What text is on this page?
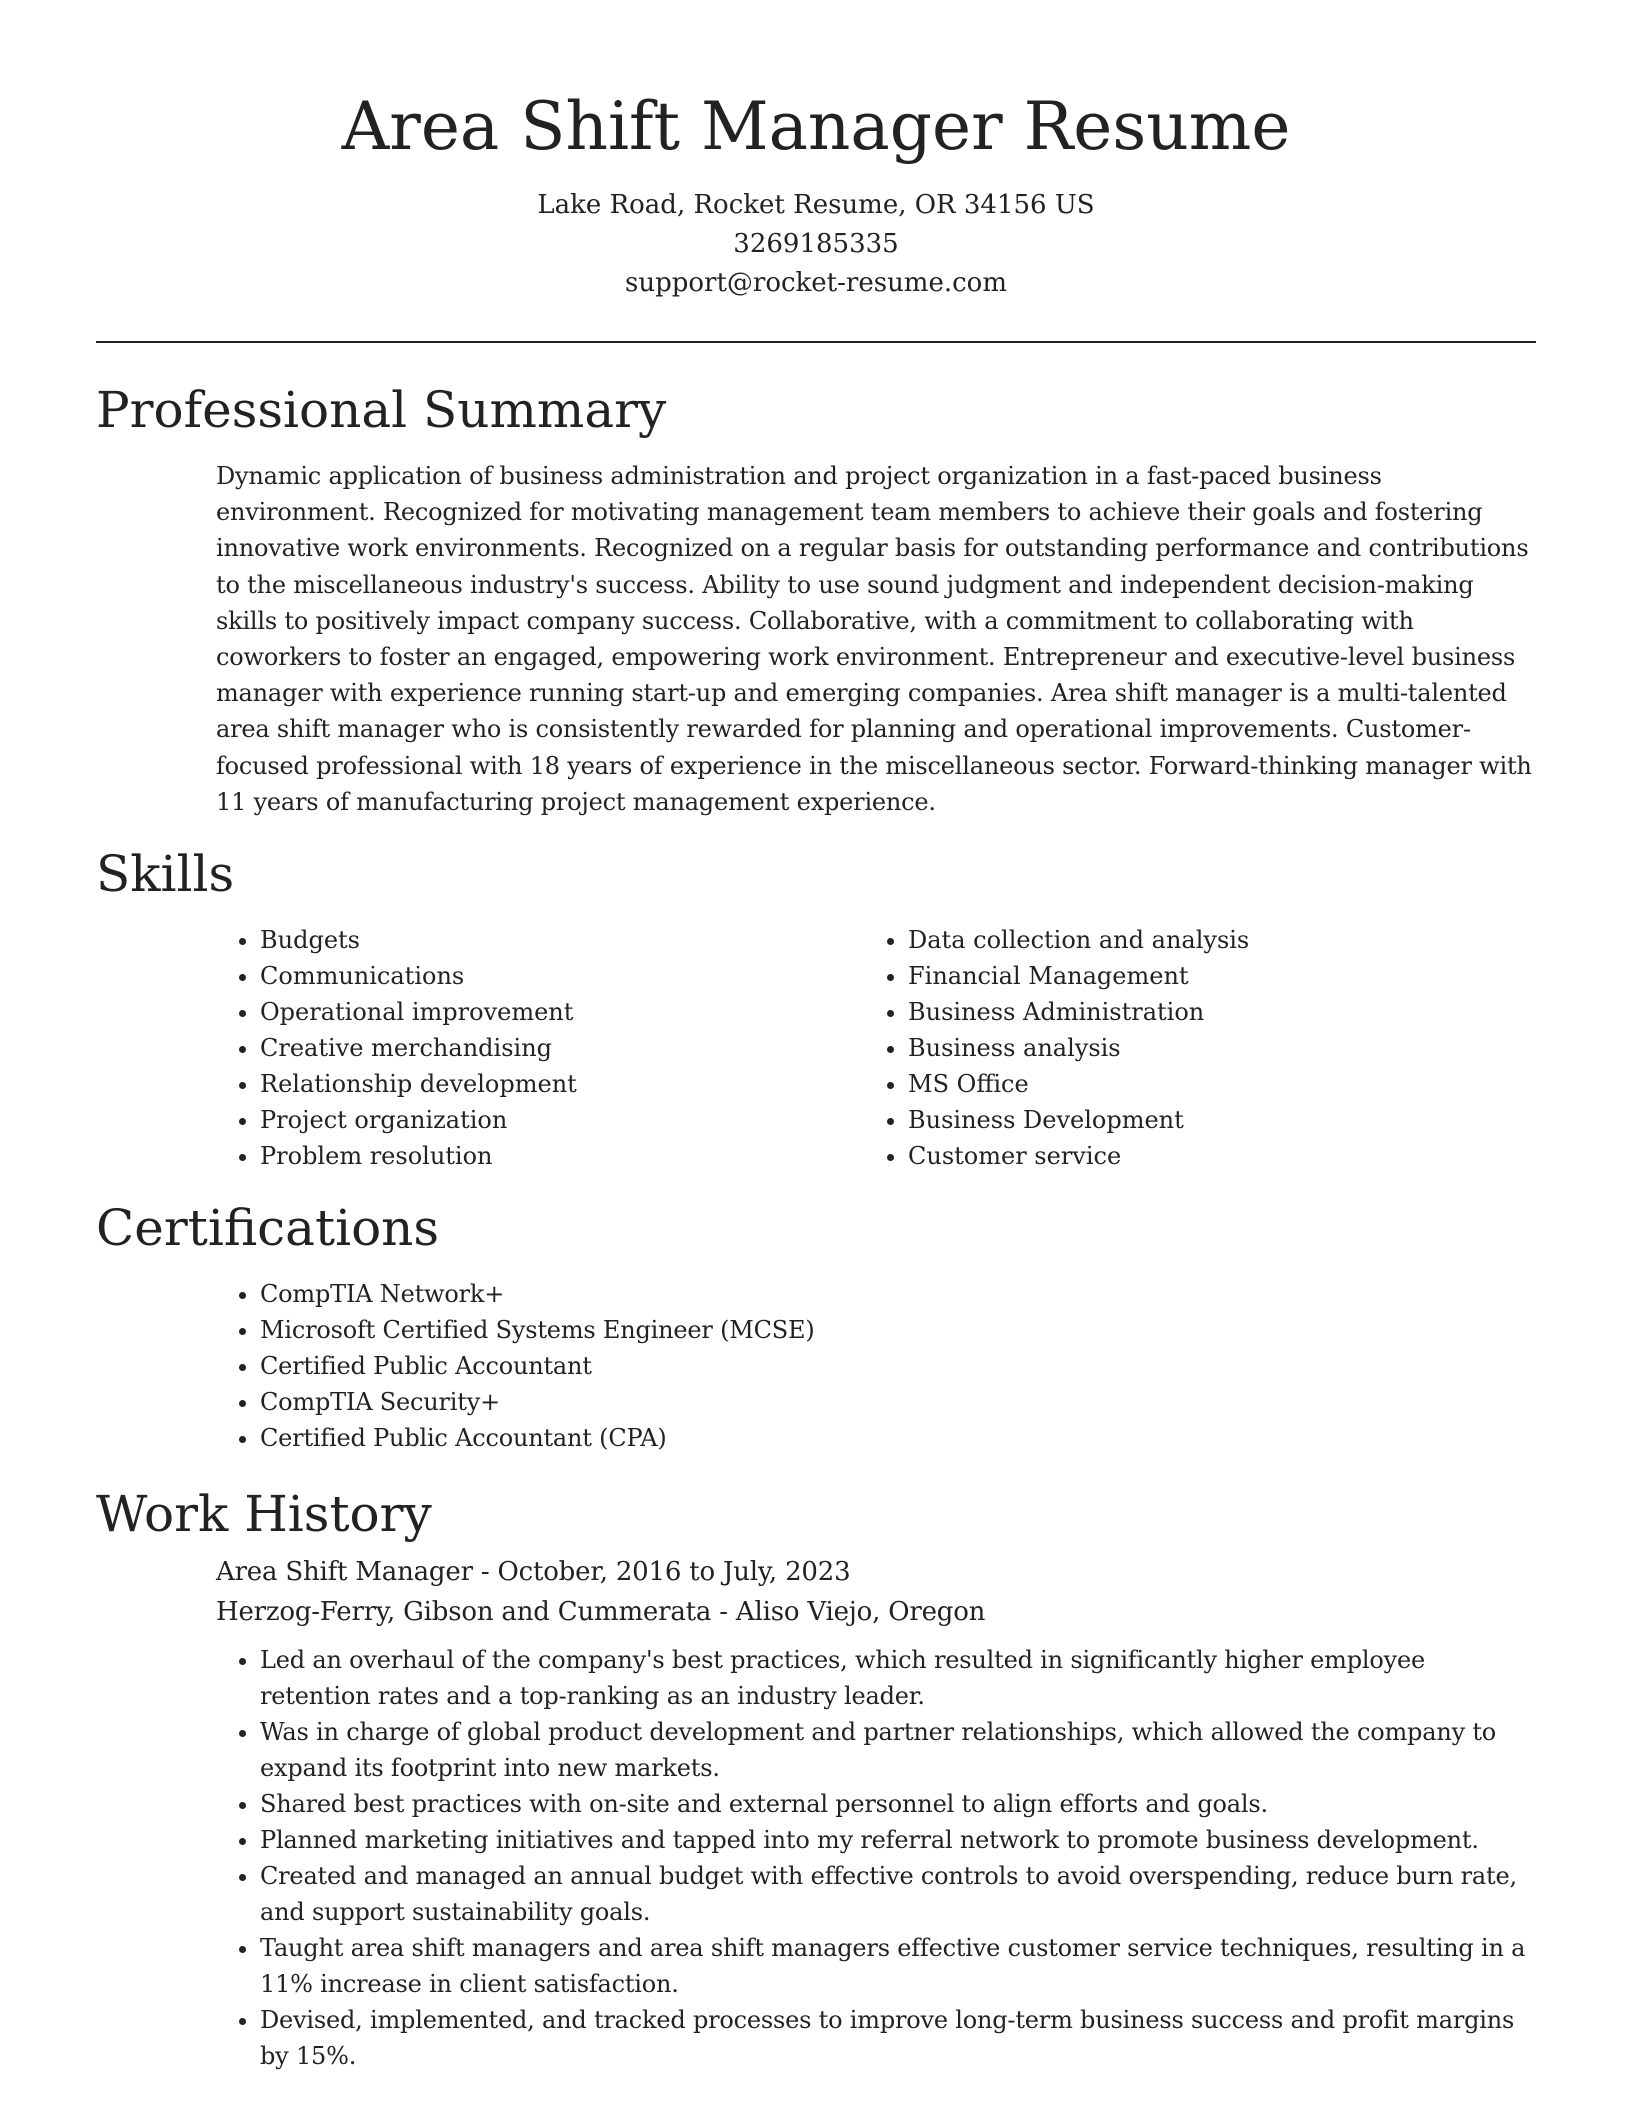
Area Shift Manager Resume
Lake Road, Rocket Resume, OR 34156 US
3269185335
support@rocket-resume.com
Professional Summary
Dynamic application of business administration and project organization in a fast-paced business environment. Recognized for motivating management team members to achieve their goals and fostering innovative work environments. Recognized on a regular basis for outstanding performance and contributions to the miscellaneous industry's success. Ability to use sound judgment and independent decision-making skills to positively impact company success. Collaborative, with a commitment to collaborating with coworkers to foster an engaged, empowering work environment. Entrepreneur and executive-level business manager with experience running start-up and emerging companies. Area shift manager is a multi-talented area shift manager who is consistently rewarded for planning and operational improvements. Customer-focused professional with 18 years of experience in the miscellaneous sector. Forward-thinking manager with 11 years of manufacturing project management experience.
Skills
• Budgets
• Communications
• Operational improvement
• Creative merchandising
• Relationship development
• Project organization
• Problem resolution
• Data collection and analysis
• Financial Management
• Business Administration
• Business analysis
• MS Office
• Business Development
• Customer service
Certifications
• CompTIA Network+
• Microsoft Certified Systems Engineer (MCSE)
• Certified Public Accountant
• CompTIA Security+
• Certified Public Accountant (CPA)
Work History
Area Shift Manager - October, 2016 to July, 2023
Herzog-Ferry, Gibson and Cummerata - Aliso Viejo, Oregon
• Led an overhaul of the company's best practices, which resulted in significantly higher employee retention rates and a top-ranking as an industry leader.
• Was in charge of global product development and partner relationships, which allowed the company to expand its footprint into new markets.
• Shared best practices with on-site and external personnel to align efforts and goals.
• Planned marketing initiatives and tapped into my referral network to promote business development.
• Created and managed an annual budget with effective controls to avoid overspending, reduce burn rate, and support sustainability goals.
• Taught area shift managers and area shift managers effective customer service techniques, resulting in a 11% increase in client satisfaction.
• Devised, implemented, and tracked processes to improve long-term business success and profit margins by 15%.
